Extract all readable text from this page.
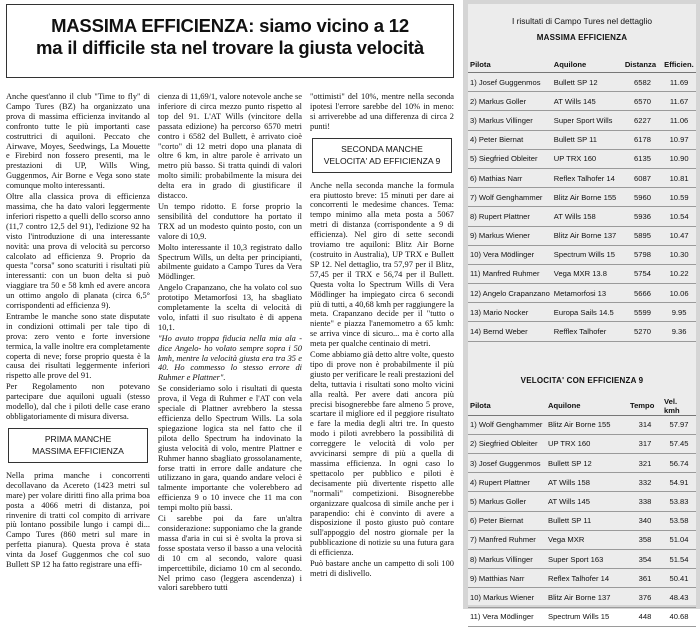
MASSIMA EFFICIENZA: siamo vicino a 12
ma il difficile sta nel trovare la giusta velocità

Anche quest'anno il club "Time to fly" di Campo Tures (BZ) ha organizzato una prova di massima efficienza invitando al confronto tutte le più importanti case costruttrici di aquiloni. Peccato che Airwave, Moyes, Seedwings, La Mouette e Firebird non fossero presenti, ma le prestazioni di UP, Wills Wing, Guggenmos, Air Borne e Vega sono state comunque molto interessanti.

Oltre alla classica prova di efficienza massima, che ha dato valori leggermente inferiori rispetto a quelli dello scorso anno (11,7 contro 12,5 del 91), l'edizione 92 ha visto l'introduzione di una interessante novità: una prova di velocità su percorso calcolato ad efficienza 9. Proprio da questa "corsa" sono scaturiti i risultati più interessanti: con un buon delta si può viaggiare tra 50 e 58 kmh ed avere ancora un ottimo angolo di planata (circa 6,5° corrispondenti ad efficienza 9).

Entrambe le manche sono state disputate in condizioni ottimali per tale tipo di prova: zero vento e forte inversione termica, la valle inoltre era completamente coperta di neve; forse proprio questa è la causa dei risultati leggermente inferiori rispetto alle prove del 91.

Per Regolamento non potevano partecipare due aquiloni uguali (stesso modello), dal che i piloti delle case erano obbligatoriamente di misura diversa.

PRIMA MANCHE
MASSIMA EFFICIENZA

Nella prima manche i concorrenti decollavano da Acereto (1423 metri sul mare) per volare diritti fino alla prima boa posta a 4066 metri di distanza, poi rinvenire di tratti col compito di arrivare più lontano possibile lungo i campi di... Campo Tures (860 metri sul mare in perfetta pianura). Questa prova è stata vinta da Josef Guggenmos che col suo Bullett SP 12 ha fatto registrare una effi-

cienza di 11,69/1, valore notevole anche se inferiore di circa mezzo punto rispetto al top del 91. L'AT Wills (vincitore della passata edizione) ha percorso 6570 metri contro i 6582 del Bullett, è arrivato cioè "corto" di 12 metri dopo una planata di oltre 6 km, in altre parole è arrivato un metro più basso. Si tratta quindi di valori molto simili: probabilmente la misura dei delta era in grado di giustificare il distacco.

Un tempo ridotto. E forse proprio la sensibilità del conduttore ha portato il TRX ad un modesto quinto posto, con un valore di 10,9.

Molto interessante il 10,3 registrato dallo Spectrum Wills, un delta per principianti, abilmente guidato a Campo Tures da Vera Mödlinger.

Angelo Crapanzano, che ha volato col suo prototipo Metamorfosi 13, ha sbagliato completamente la scelta di velocità di volo, infatti il suo risultato è di appena 10,1.

"Ho avuto troppa fiducia nella mia ala -dice Angelo- ho volato sempre sopra i 50 kmh, mentre la velocità giusta era tra 35 e 40. Ho commesso lo stesso errore di Ruhmer e Plattner".

Se consideriamo solo i risultati di questa prova, il Vega di Ruhmer e l'AT con vela speciale di Plattner avrebbero la stessa efficienza dello Spectrum Wills. La sola spiegazione logica sta nel fatto che il pilota dello Spectrum ha indovinato la giusta velocità di volo, mentre Plattner e Ruhmer hanno sbagliato grossolanamente, forse tratti in errore dalle andature che utilizzano in gara, quando andare veloci è talmente importante che volerebbero ad efficienza 9 o 10 invece che 11 ma con tempi molto più bassi.

Ci sarebbe poi da fare un'altra considerazione: supponiamo che la grande massa d'aria in cui si è svolta la prova si fosse spostata verso il basso a una velocità di 10 cm al secondo, valore quasi impercettibile, diciamo 10 cm al secondo. Nel primo caso (leggera ascendenza) i valori sarebbero tutti

"ottimisti" del 10%, mentre nella seconda ipotesi l'errore sarebbe del 10% in meno: si arriverebbe ad una differenza di circa 2 punti!

SECONDA MANCHE
VELOCITA' AD EFFICIENZA 9

Anche nella seconda manche la formula era piuttosto breve: 15 minuti per dare ai concorrenti le medesime chances. Tema: tempo minimo alla meta posta a 5067 metri di distanza (corrispondente a 9 di efficienza). Nel giro di sette secondi troviamo tre aquiloni: Blitz Air Borne (costruito in Australia), UP TRX e Bullett SP 12. Nel dettaglio, tra 57,97 per il Blitz, 57,45 per il TRX e 56,74 per il Bullett. Questa volta lo Spectrum Wills di Vera Mödlinger ha impiegato circa 6 secondi più di tutti, a 40,68 kmh per raggiungere la meta. Crapanzano decide per il "tutto o niente" e piazza l'anemometro a 65 kmh: se arriva vince di sicuro... ma è corto alla meta per qualche centinaio di metri.

Come abbiamo già detto altre volte, questo tipo di prove non è probabilmente il più giusto per verificare le reali prestazioni del delta, tuttavia i risultati sono molto vicini alla realtà. Per avere dati ancora più precisi bisognerebbe fare almeno 5 prove, scartare il migliore ed il peggiore risultato e fare la media degli altri tre. In questo modo i piloti avrebbero la possibilità di correggere le velocità di volo per avvicinarsi sempre di più a quella di massima efficienza. In ogni caso lo spettacolo per pubblico e piloti è decisamente più divertente rispetto alle "normali" competizioni. Bisognerebbe organizzare qualcosa di simile anche per i parapendio: chi è convinto di avere a disposizione il posto giusto può contare sull'appoggio del nostro giornale per la pubblicazione di notizie su una futura gara di efficienza.

Può bastare anche un campetto di soli 100 metri di dislivello.

I risultati di Campo Tures nel dettaglio
MASSIMA EFFICIENZA
Pilota	Aquilone	Distanza	Efficien.
1) Josef Guggenmos	Bullett SP 12	6582	11.69
2) Markus Goller	AT Wills 145	6570	11.67
3) Markus Villinger	Super Sport Wills	6227	11.06
4) Peter Biernat	Bullett SP 11	6178	10.97
5) Siegfried Obleiter	UP TRX 160	6135	10.90
6) Mathias Narr	Reflex Talhofer 14	6087	10.81
7) Wolf Genghammer	Blitz Air Borne 155	5960	10.59
8) Rupert Plattner	AT Wills 158	5936	10.54
9) Markus Wiener	Blitz Air Borne 137	5895	10.47
10) Vera Mödlinger	Spectrum Wills 15	5798	10.30
11) Manfred Ruhmer	Vega MXR 13.8	5754	10.22
12) Angelo Crapanzano	Metamorfosi 13	5666	10.06
13) Mario Nocker	Europa Sails 14.5	5599	9.95
14) Bernd Weber	Refflex Talhofer	5270	9.36
VELOCITA' CON EFFICIENZA 9
Pilota	Aquilone	Tempo	Vel. kmh
1) Wolf Genghammer	Blitz Air Borne 155	314	57.97
2) Siegfried Obleiter	UP TRX 160	317	57.45
3) Josef Guggenmos	Bullett SP 12	321	56.74
4) Rupert Plattner	AT Wills 158	332	54.91
5) Markus Goller	AT Wills 145	338	53.83
6) Peter Biernat	Bullett SP 11	340	53.58
7) Manfred Ruhmer	Vega MXR	358	51.04
8) Markus Villinger	Super Sport 163	354	51.54
9) Matthias Narr	Reflex Talhofer 14	361	50.41
10) Markus Wiener	Blitz Air Borne 137	376	48.43
11) Vera Mödlinger	Spectrum Wills 15	448	40.68
